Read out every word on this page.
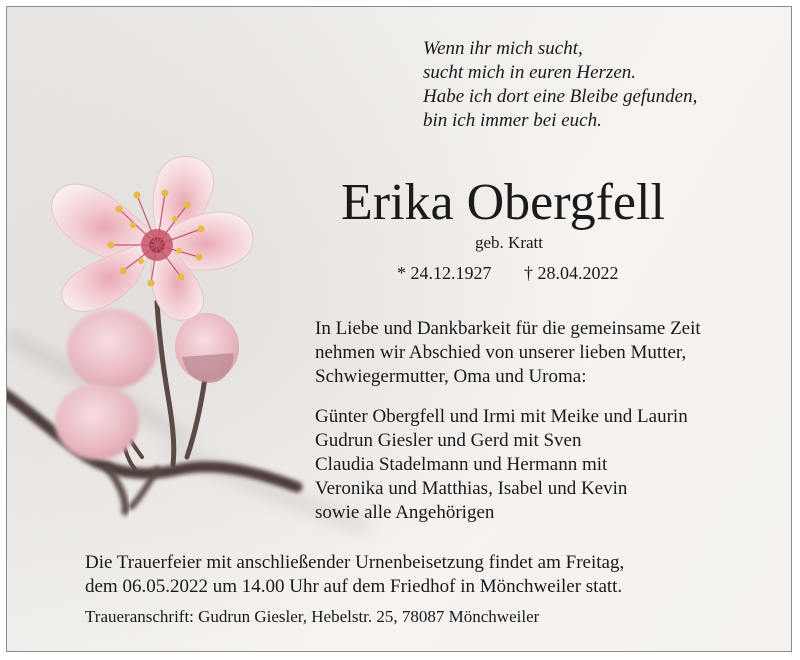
Wenn ihr mich sucht,
sucht mich in euren Herzen.
Habe ich dort eine Bleibe gefunden,
bin ich immer bei euch.
Erika Obergfell
geb. Kratt
* 24.12.1927 † 28.04.2022
In Liebe und Dankbarkeit für die gemeinsame Zeit
nehmen wir Abschied von unserer lieben Mutter,
Schwiegermutter, Oma und Uroma:
Günter Obergfell und Irmi mit Meike und Laurin
Gudrun Giesler und Gerd mit Sven
Claudia Stadelmann und Hermann mit
Veronika und Matthias, Isabel und Kevin
sowie alle Angehörigen
Die Trauerfeier mit anschließender Urnenbeisetzung findet am Freitag,
dem 06.05.2022 um 14.00 Uhr auf dem Friedhof in Mönchweiler statt.
Traueranschrift: Gudrun Giesler, Hebelstr. 25, 78087 Mönchweiler
